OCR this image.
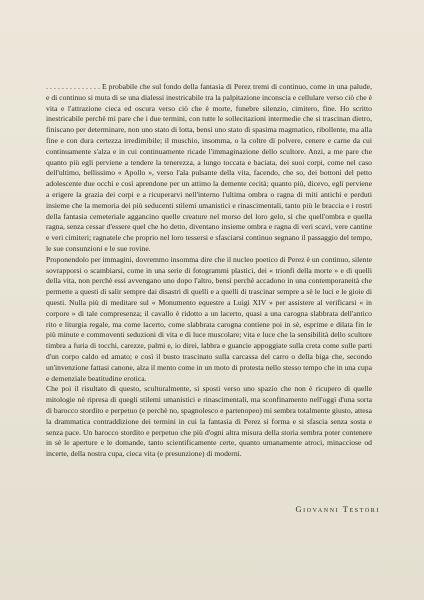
. . . . . . . . . . . . . . E probabile che sul fondo della fantasia di Perez tremi di continuo, come in una palude, e di continuo si muta di se una dialessi inestricabile tra la palpitazione inconscia e cellulare verso ciò che è vita e l'attrazione cieca ed oscura verso ciò che è morte, funebre silenzio, cimitero, fine. Ho scritto inestricabile perchè mi pare che i due termini, con tutte le sollecitazioni intermedie che si trascinan dietro, finiscano per determinare, non uno stato di lotta, bensì uno stato di spasima magmatico, ribollente, ma alla fine e con dura certezza irredimibile; il muschio, insomma, o la coltre di polvere, cenere e carne da cui continuamente s'alza e in cui continuamente ricade l'immaginazione dello scultore. Anzi, a me pare che quanto più egli perviene a tendere la tenerezza, a lungo toccata e baciata, dei suoi corpi, come nel caso dell'ultimo, bellissimo « Apollo », verso l'ala pulsante della vita, facendo, che so, dei bottoni del petto adolescente due occhi e così aprendone per un attimo la demente cecità; quanto più, dicevo, egli perviene a erigere la grazia dei corpi e a ricuperarvi nell'interno l'ultima ombra o ragna di miti antichi e perduti insieme che la memoria dei più seducenti stilemi umanistici e rinascimentali, tanto più le braccia e i rostri della fantasia cemeteriale aggancino quelle creature nel morso del loro gelo, sì che quell'ombra e quella ragna, senza cessar d'essere quel che ho detto, diventano insieme ombra e ragna di veri scavi, vere cantine e veri cimiteri; ragnatele che proprio nel loro tessersi e sfasciarsi continuo segnano il passaggio del tempo, le sue consunzioni e le sue rovine.

Proponendolo per immagini, dovremmo insomma dire che il nucleo poetico di Perez è un continuo, silente sovrapporsi o scambiarsi, come in una serie di fotogrammi plastici, dei « trionfi della morte » e di quelli della vita, non perchè essi avvengano uno dopo l'altro, bensì perchè accadono in una contemporaneità che permette a questi di salir sempre dai disastri di quelli e a quelli di trascinar sempre a sè le luci e le gioie di questi. Nulla più di meditare sul « Monumento equestre a Luigi XIV » per assistere al verificarsi « in corpore » di tale compresenza; il cavallo è ridotto a un lacerto, quasi a una carogna slabbrata dell'antico rito e liturgia regale, ma come lacerto, come slabbrata carogna contiene poi in sè, esprime e dilata fin le più minute e commoventi seduzioni di vita e di luce muscolare; vita e luce che la sensibilità dello scultore timbra a furia di tocchi, carezze, palmi e, io direi, labbra e guancie appoggiate sulla creta come sulle parti d'un corpo caldo ed amato; e così il busto trascinato sulla carcassa del carro o della biga che, secondo un'invenzione fattasi canone, alza il mento come in un moto di protesta nello stesso tempo che in una cupa e demenziale beatitudine erotica.

Che poi il risultato di questo, sculturalmente, si sposti verso uno spazio che non è ricupero di quelle mitologie nè ripresa di quegli stilemi umanistici e rinascimentali, ma sconfinamento nell'oggi d'una sorta di barocco stordito e perpetuo (e perchè no, spagnolesco e partenopeo) mi sembra totalmente giusto, attesa la drammatica contraddizione dei termini in cui la fantasia di Perez si forma e si sfascia senza sosta e senza pace. Un barocco stordito e perpetuo che più d'ogni altra misura della storia sembra poter contenere in sè le aperture e le domande, tanto scientificamente certe, quanto umanamente atroci, minacciose od incerte, della nostra cupa, cieca vita (e presunzione) di moderni.

Giovanni Testori
